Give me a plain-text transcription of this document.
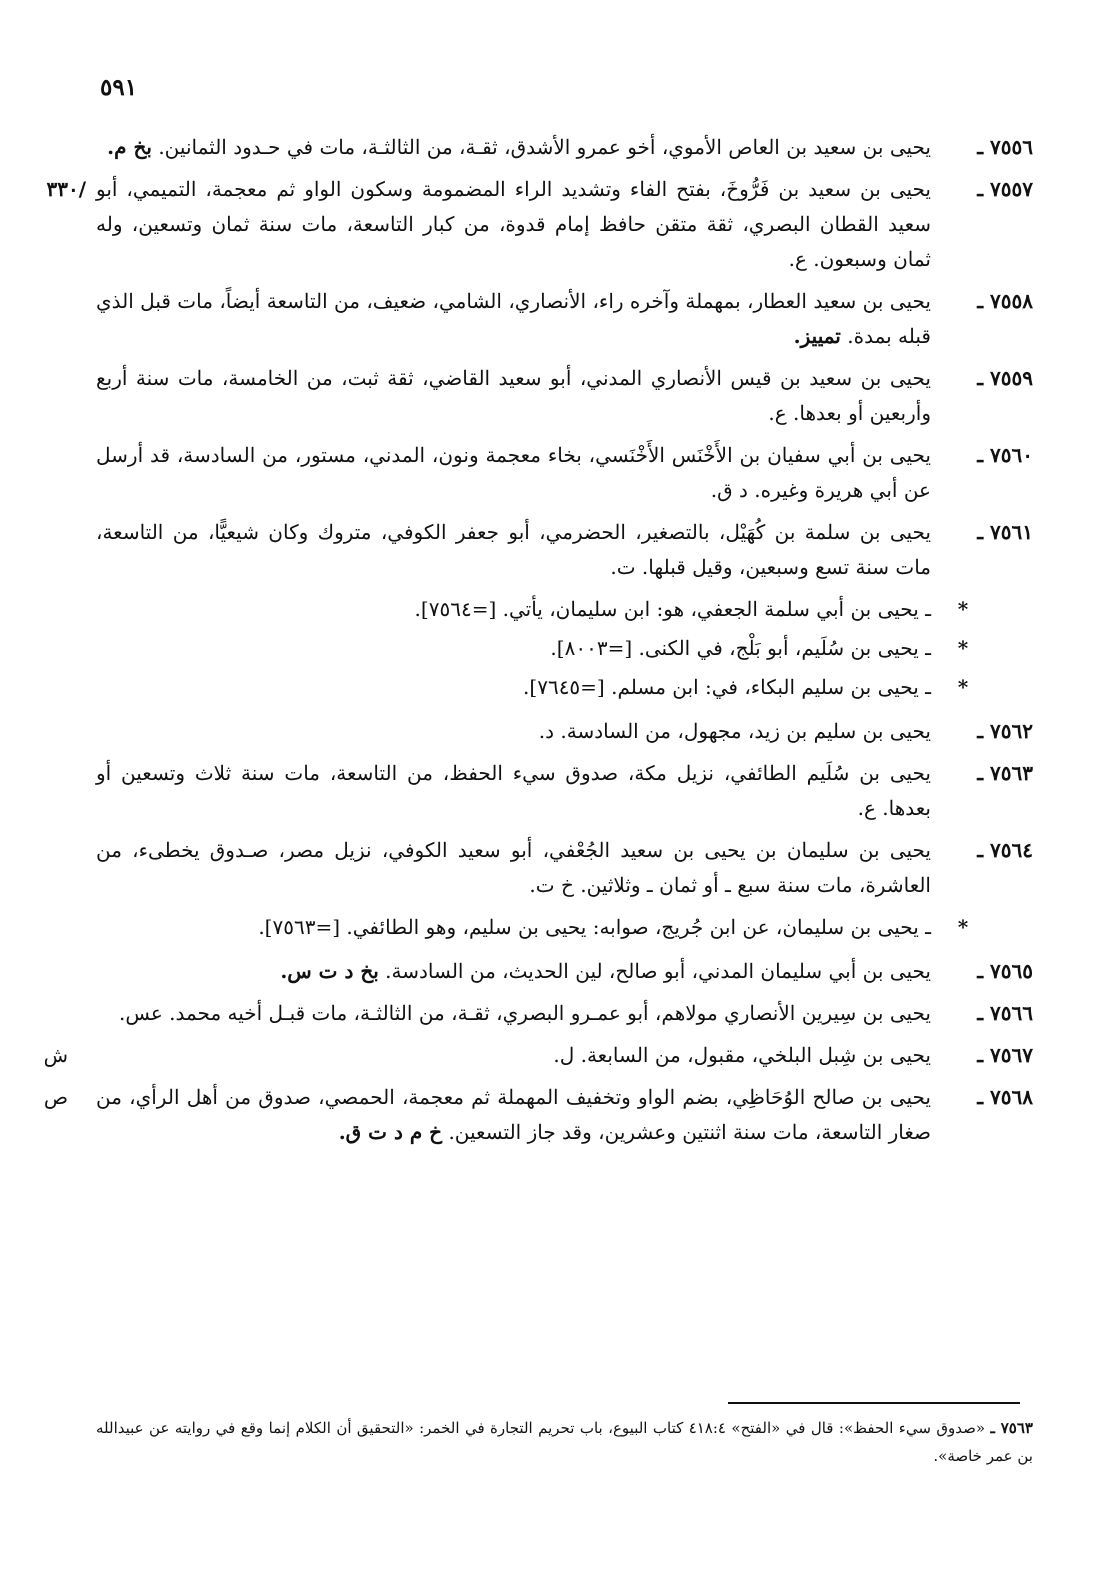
٥٩١
٧٥٥٦ ـ
يحيى بن سعيد بن العاص الأموي، أخو عمرو الأشدق، ثقـة، من الثالثـة، مات في حـدود الثمانين. بخ م.
/٣٣٠	٧٥٥٧ ـ
يحيى بن سعيد بن فَرُّوخَ، بفتح الفاء وتشديد الراء المضمومة وسكون الواو ثم معجمة، التميمي، أبو سعيد القطان البصري، ثقة متقن حافظ إمام قدوة، من كبار التاسعة، مات سنة ثمان وتسعين، وله ثمان وسبعون. ع.
٧٥٥٨ ـ
يحيى بن سعيد العطار، بمهملة وآخره راء، الأنصاري، الشامي، ضعيف، من التاسعة أيضاً، مات قبل الذي قبله بمدة. تمييز.
٧٥٥٩ ـ
يحيى بن سعيد بن قيس الأنصاري المدني، أبو سعيد القاضي، ثقة ثبت، من الخامسة، مات سنة أربع وأربعين أو بعدها. ع.
٧٥٦٠ ـ
يحيى بن أبي سفيان بن الأَخْنَس الأَخْنَسي، بخاء معجمة ونون، المدني، مستور، من السادسة، قد أرسل عن أبي هريرة وغيره. د ق.
٧٥٦١ ـ
يحيى بن سلمة بن كُهَيْل، بالتصغير، الحضرمي، أبو جعفر الكوفي، متروك وكان شيعيًّا، من التاسعة، مات سنة تسع وسبعين، وقيل قبلها. ت.
*
ـ يحيى بن أبي سلمة الجعفي، هو: ابن سليمان، يأتي. [=٧٥٦٤].
*
ـ يحيى بن سُلَيم، أبو بَلْج، في الكنى. [=٨٠٠٣].
*
ـ يحيى بن سليم البكاء، في: ابن مسلم. [=٧٦٤٥].
٧٥٦٢ ـ
يحيى بن سليم بن زيد، مجهول، من السادسة. د.
٧٥٦٣ ـ
يحيى بن سُلَيم الطائفي، نزيل مكة، صدوق سيء الحفظ، من التاسعة، مات سنة ثلاث وتسعين أو بعدها. ع.
٧٥٦٤ ـ
يحيى بن سليمان بن يحيى بن سعيد الجُعْفي، أبو سعيد الكوفي، نزيل مصر، صـدوق يخطىء، من العاشرة، مات سنة سبع ـ أو ثمان ـ وثلاثين. خ ت.
*
ـ يحيى بن سليمان، عن ابن جُريج، صوابه: يحيى بن سليم، وهو الطائفي. [=٧٥٦٣].
٧٥٦٥ ـ
يحيى بن أبي سليمان المدني، أبو صالح، لين الحديث، من السادسة. بخ د ت س.
٧٥٦٦ ـ
يحيى بن سِيرين الأنصاري مولاهم، أبو عمـرو البصري، ثقـة، من الثالثـة، مات قبـل أخيه محمد. عس.
ش	٧٥٦٧ ـ
يحيى بن شِبل البلخي، مقبول، من السابعة. ل.
ص	٧٥٦٨ ـ
يحيى بن صالح الوُحَاظِي، بضم الواو وتخفيف المهملة ثم معجمة، الحمصي، صدوق من أهل الرأي، من صغار التاسعة، مات سنة اثنتين وعشرين، وقد جاز التسعين. خ م د ت ق.
٧٥٦٣ ـ «صدوق سيء الحفظ»: قال في «الفتح» ٤١٨:٤ كتاب البيوع، باب تحريم التجارة في الخمر: «التحقيق أن الكلام إنما وقع في روايته عن عبيدالله بن عمر خاصة».
